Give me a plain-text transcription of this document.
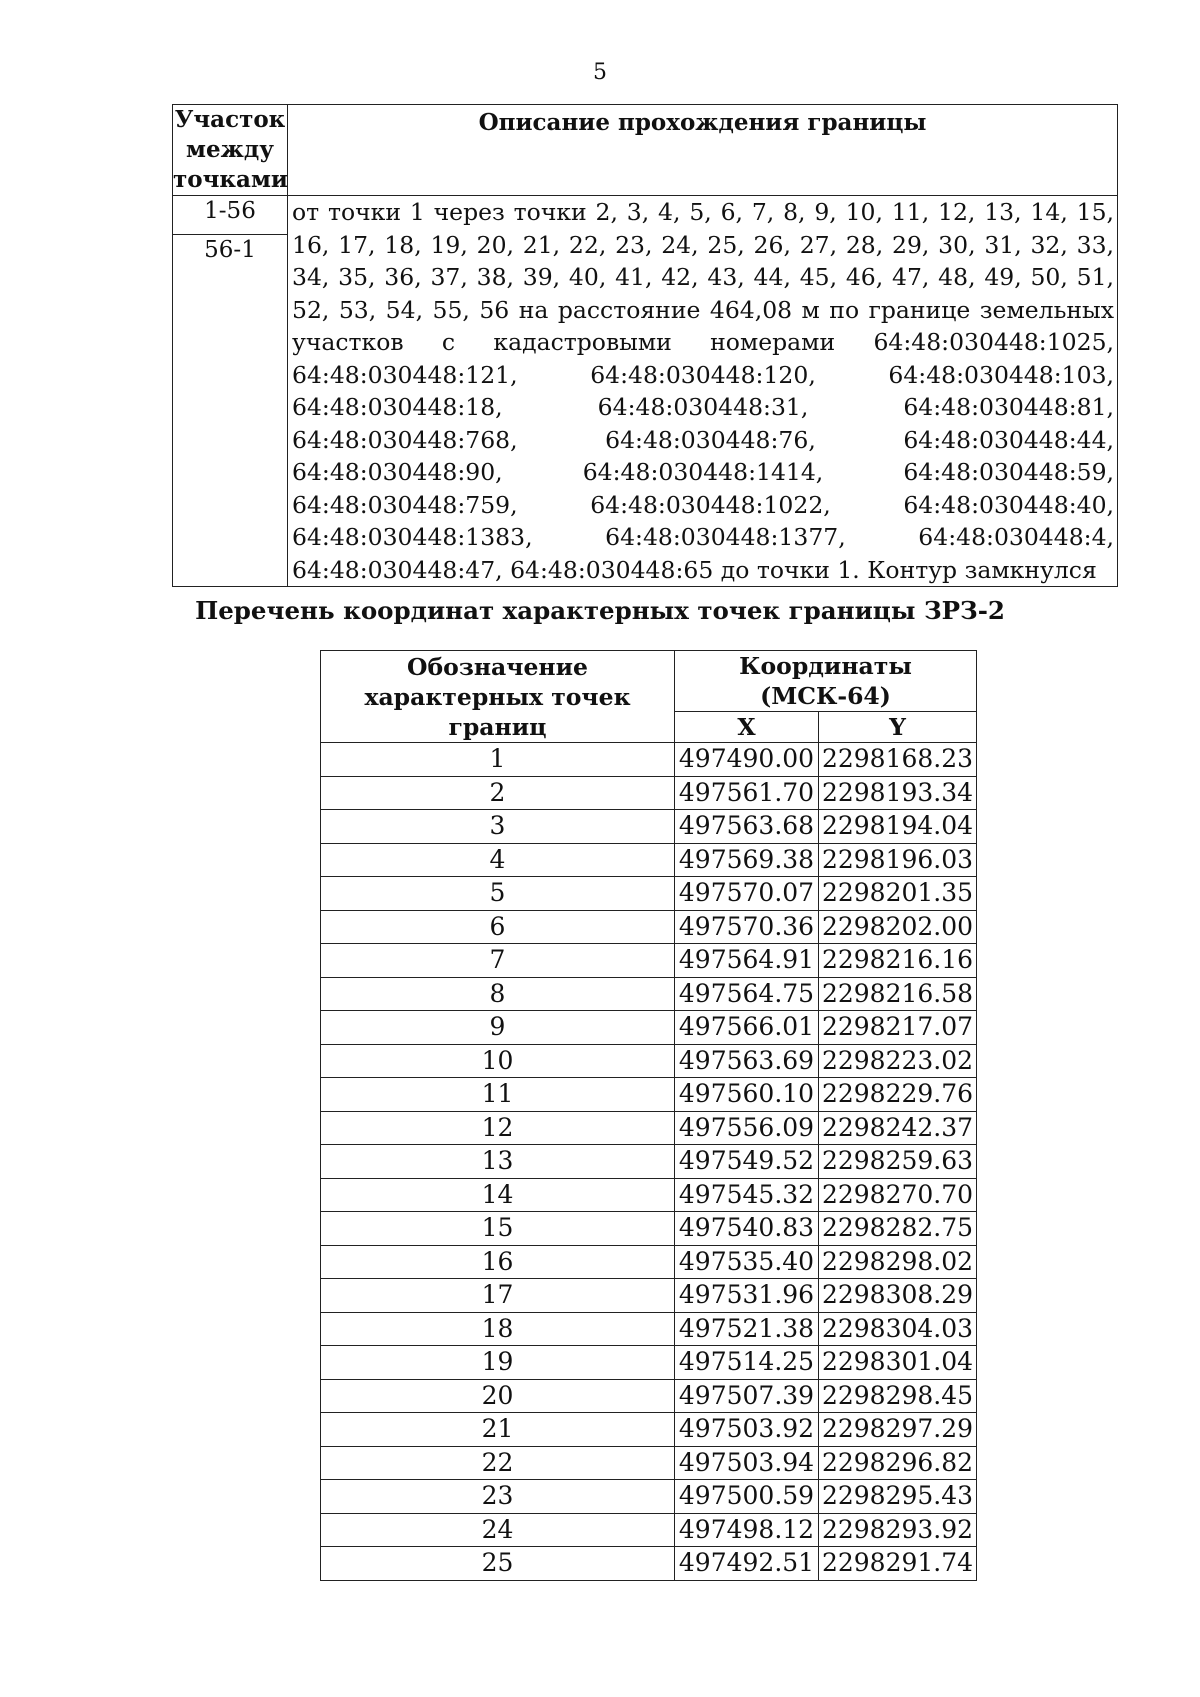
5
Участок между точками	Описание прохождения границы
1-56	от точки 1 через точки 2, 3, 4, 5, 6, 7, 8, 9, 10, 11, 12, 13, 14, 15, 16, 17, 18, 19, 20, 21, 22, 23, 24, 25, 26, 27, 28, 29, 30, 31, 32, 33, 34, 35, 36, 37, 38, 39, 40, 41, 42, 43, 44, 45, 46, 47, 48, 49, 50, 51, 52, 53, 54, 55, 56 на расстояние 464,08 м по границе земельных участков с кадастровыми номерами 64:48:030448:1025, 64:48:030448:121, 64:48:030448:120, 64:48:030448:103, 64:48:030448:18, 64:48:030448:31, 64:48:030448:81, 64:48:030448:768, 64:48:030448:76, 64:48:030448:44, 64:48:030448:90, 64:48:030448:1414, 64:48:030448:59, 64:48:030448:759, 64:48:030448:1022, 64:48:030448:40, 64:48:030448:1383, 64:48:030448:1377, 64:48:030448:4, 64:48:030448:47, 64:48:030448:65 до точки 1. Контур замкнулся
56-1	
Перечень координат характерных точек границы ЗРЗ-2
Обозначение характерных точек границ	Координаты (МСК-64)	
	X	Y
1	497490.00	2298168.23
2	497561.70	2298193.34
3	497563.68	2298194.04
4	497569.38	2298196.03
5	497570.07	2298201.35
6	497570.36	2298202.00
7	497564.91	2298216.16
8	497564.75	2298216.58
9	497566.01	2298217.07
10	497563.69	2298223.02
11	497560.10	2298229.76
12	497556.09	2298242.37
13	497549.52	2298259.63
14	497545.32	2298270.70
15	497540.83	2298282.75
16	497535.40	2298298.02
17	497531.96	2298308.29
18	497521.38	2298304.03
19	497514.25	2298301.04
20	497507.39	2298298.45
21	497503.92	2298297.29
22	497503.94	2298296.82
23	497500.59	2298295.43
24	497498.12	2298293.92
25	497492.51	2298291.74
